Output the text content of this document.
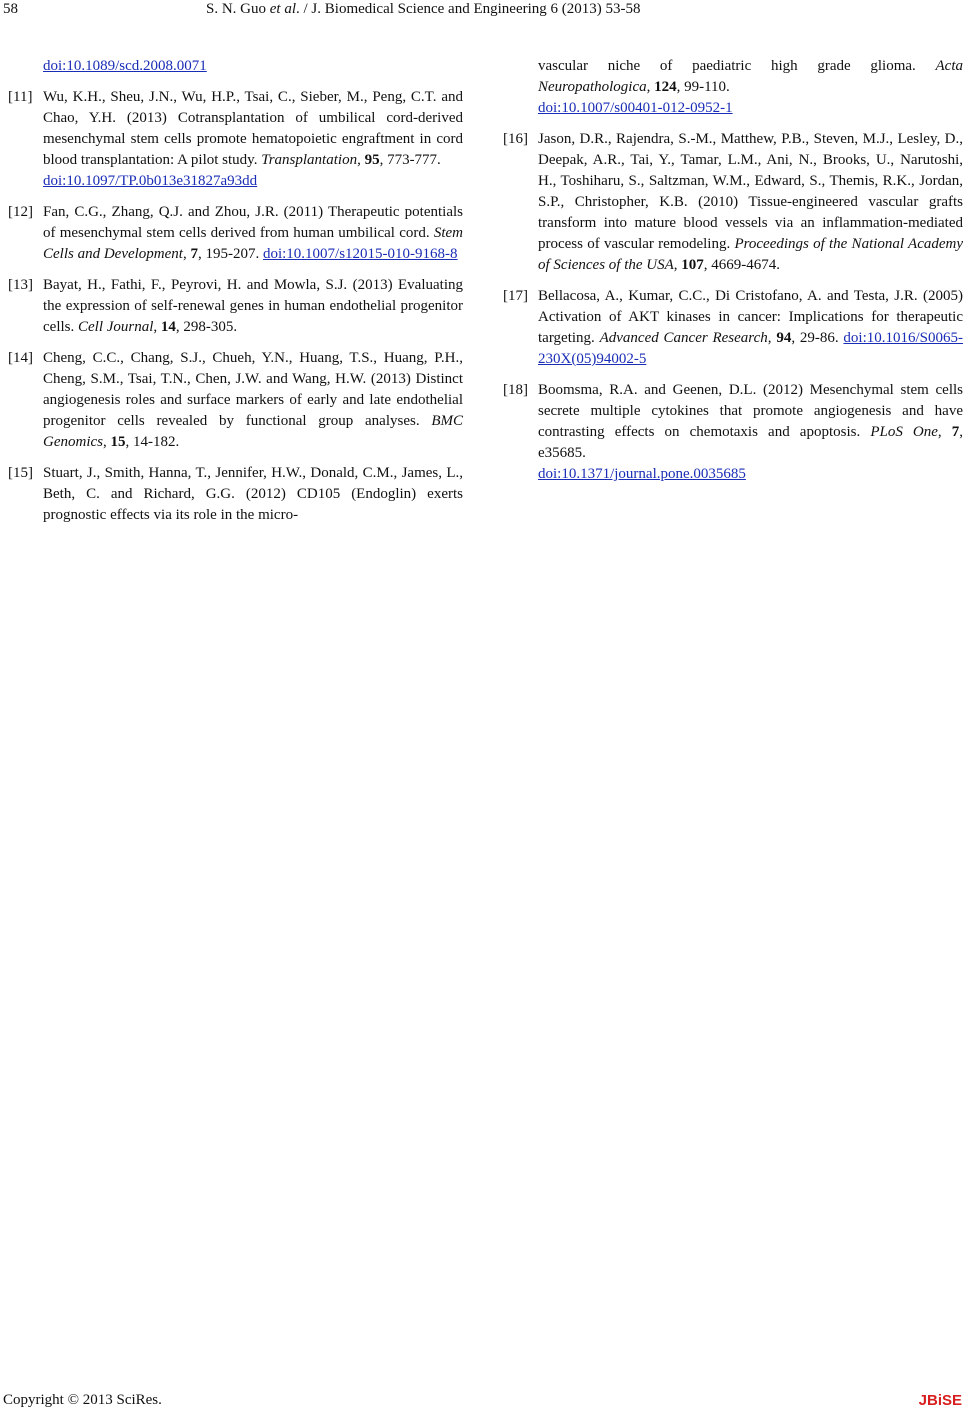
58	S. N. Guo et al. / J. Biomedical Science and Engineering 6 (2013) 53-58
doi:10.1089/scd.2008.0071
[11] Wu, K.H., Sheu, J.N., Wu, H.P., Tsai, C., Sieber, M., Peng, C.T. and Chao, Y.H. (2013) Cotransplantation of umbilical cord-derived mesenchymal stem cells promote hematopoietic engraftment in cord blood transplantation: A pilot study. Transplantation, 95, 773-777.
doi:10.1097/TP.0b013e31827a93dd
[12] Fan, C.G., Zhang, Q.J. and Zhou, J.R. (2011) Therapeutic potentials of mesenchymal stem cells derived from human umbilical cord. Stem Cells and Development, 7, 195-207. doi:10.1007/s12015-010-9168-8
[13] Bayat, H., Fathi, F., Peyrovi, H. and Mowla, S.J. (2013) Evaluating the expression of self-renewal genes in human endothelial progenitor cells. Cell Journal, 14, 298-305.
[14] Cheng, C.C., Chang, S.J., Chueh, Y.N., Huang, T.S., Huang, P.H., Cheng, S.M., Tsai, T.N., Chen, J.W. and Wang, H.W. (2013) Distinct angiogenesis roles and surface markers of early and late endothelial progenitor cells revealed by functional group analyses. BMC Genomics, 15, 14-182.
[15] Stuart, J., Smith, Hanna, T., Jennifer, H.W., Donald, C.M., James, L., Beth, C. and Richard, G.G. (2012) CD105 (Endoglin) exerts prognostic effects via its role in the micro-
vascular niche of paediatric high grade glioma. Acta Neuropathologica, 124, 99-110.
doi:10.1007/s00401-012-0952-1
[16] Jason, D.R., Rajendra, S.-M., Matthew, P.B., Steven, M.J., Lesley, D., Deepak, A.R., Tai, Y., Tamar, L.M., Ani, N., Brooks, U., Narutoshi, H., Toshiharu, S., Saltzman, W.M., Edward, S., Themis, R.K., Jordan, S.P., Christopher, K.B. (2010) Tissue-engineered vascular grafts transform into mature blood vessels via an inflammation-mediated process of vascular remodeling. Proceedings of the National Academy of Sciences of the USA, 107, 4669-4674.
[17] Bellacosa, A., Kumar, C.C., Di Cristofano, A. and Testa, J.R. (2005) Activation of AKT kinases in cancer: Implications for therapeutic targeting. Advanced Cancer Research, 94, 29-86. doi:10.1016/S0065-230X(05)94002-5
[18] Boomsma, R.A. and Geenen, D.L. (2012) Mesenchymal stem cells secrete multiple cytokines that promote angiogenesis and have contrasting effects on chemotaxis and apoptosis. PLoS One, 7, e35685.
doi:10.1371/journal.pone.0035685
Copyright © 2013 SciRes.	JBiSE
